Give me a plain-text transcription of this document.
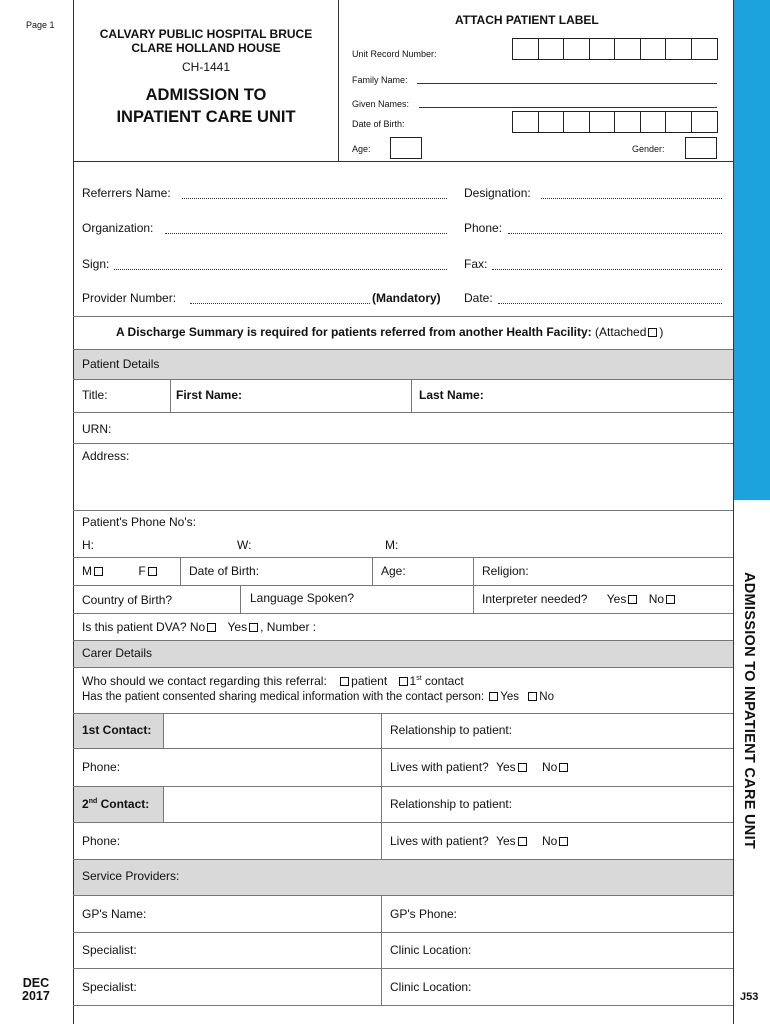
ADMISSION TO INPATIENT CARE UNIT
Page 1
CALVARY PUBLIC HOSPITAL BRUCE
CLARE HOLLAND HOUSE
CH-1441
ADMISSION TO
INPATIENT CARE UNIT
ATTACH PATIENT LABEL
Unit Record Number:
Family Name:
Given Names:
Date of Birth:
Age:	Gender:
Referrers Name:	Designation:
Organization:	Phone:
Sign:	Fax:
Provider Number:	(Mandatory) Date:
A Discharge Summary is required for patients referred from another Health Facility: (Attached )
Patient Details
Title:	First Name:	Last Name:
URN:
Address:
Patient's Phone No's:
H:	W:	M:
M	F	Date of Birth:	Age:	Religion:
Country of Birth?	Language Spoken?	Interpreter needed? Yes No
Is this patient DVA? No Yes , Number :
Carer Details
Who should we contact regarding this referral: patient 1st contact
Has the patient consented sharing medical information with the contact person: Yes No
1st Contact:	Relationship to patient:
Phone:	Lives with patient? Yes No
2nd Contact:	Relationship to patient:
Phone:	Lives with patient? Yes No
Service Providers:
GP's Name:	GP's Phone:
Specialist:	Clinic Location:
Specialist:	Clinic Location:
DEC
2017	J53
